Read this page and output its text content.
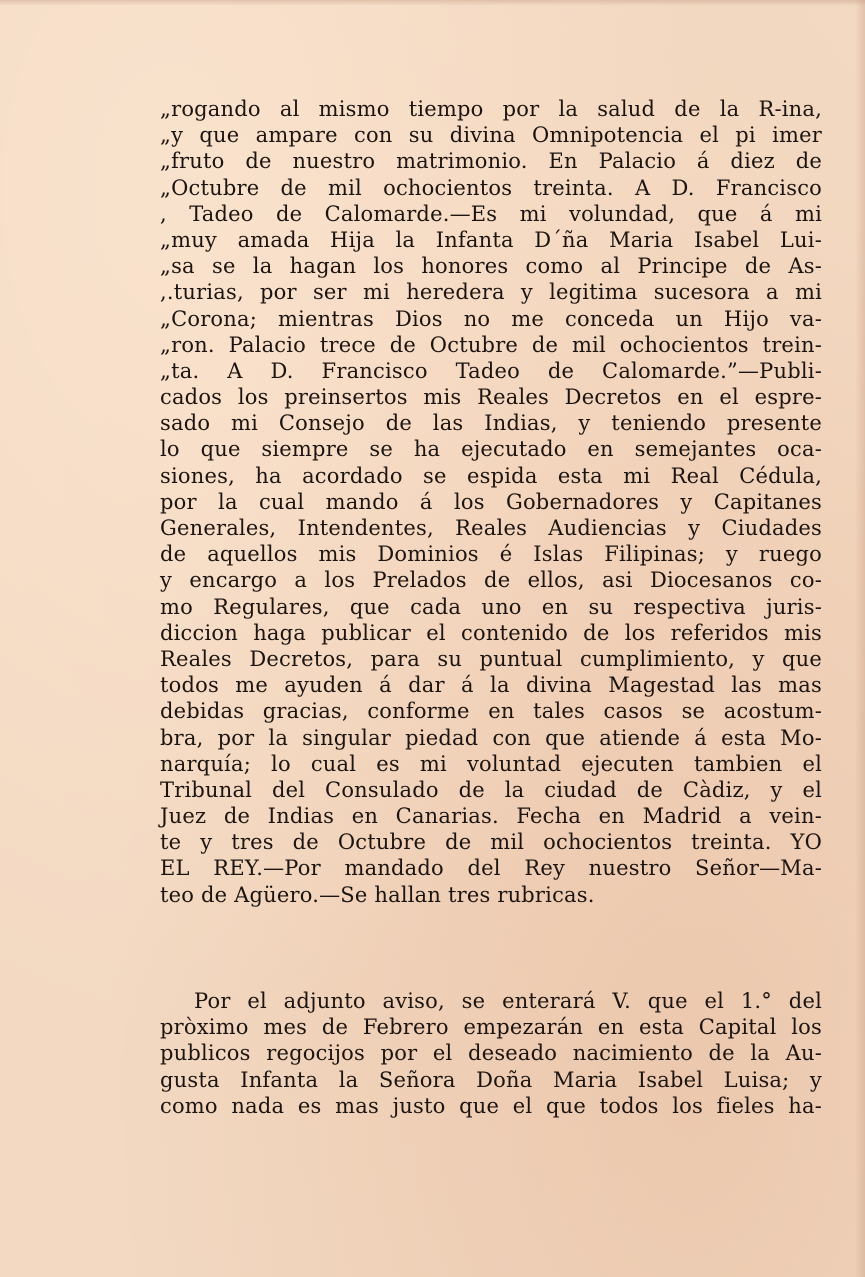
„rogando al mismo tiempo por la salud de la R-ina,
„y que ampare con su divina Omnipotencia el pi imer
„fruto de nuestro matrimonio. En Palacio á diez de
„Octubre de mil ochocientos treinta. A D. Francisco
, Tadeo de Calomarde.—Es mi volundad, que á mi
„muy amada Hija la Infanta D´ña Maria Isabel Lui-
„sa se la hagan los honores como al Principe de As-
,.turias, por ser mi heredera y legitima sucesora a mi
„Corona; mientras Dios no me conceda un Hijo va-
„ron. Palacio trece de Octubre de mil ochocientos trein-
„ta. A D. Francisco Tadeo de Calomarde.”—Publi-
cados los preinsertos mis Reales Decretos en el espre-
sado mi Consejo de las Indias, y teniendo presente
lo que siempre se ha ejecutado en semejantes oca-
siones, ha acordado se espida esta mi Real Cédula,
por la cual mando á los Gobernadores y Capitanes
Generales, Intendentes, Reales Audiencias y Ciudades
de aquellos mis Dominios é Islas Filipinas; y ruego
y encargo a los Prelados de ellos, asi Diocesanos co-
mo Regulares, que cada uno en su respectiva juris-
diccion haga publicar el contenido de los referidos mis
Reales Decretos, para su puntual cumplimiento, y que
todos me ayuden á dar á la divina Magestad las mas
debidas gracias, conforme en tales casos se acostum-
bra, por la singular piedad con que atiende á esta Mo-
narquía; lo cual es mi voluntad ejecuten tambien el
Tribunal del Consulado de la ciudad de Càdiz, y el
Juez de Indias en Canarias. Fecha en Madrid a vein-
te y tres de Octubre de mil ochocientos treinta. YO
EL REY.—Por mandado del Rey nuestro Señor—Ma-
teo de Agüero.—Se hallan tres rubricas.
Por el adjunto aviso, se enterará V. que el 1.° del
pròximo mes de Febrero empezarán en esta Capital los
publicos regocijos por el deseado nacimiento de la Au-
gusta Infanta la Señora Doña Maria Isabel Luisa; y
como nada es mas justo que el que todos los fieles ha-
